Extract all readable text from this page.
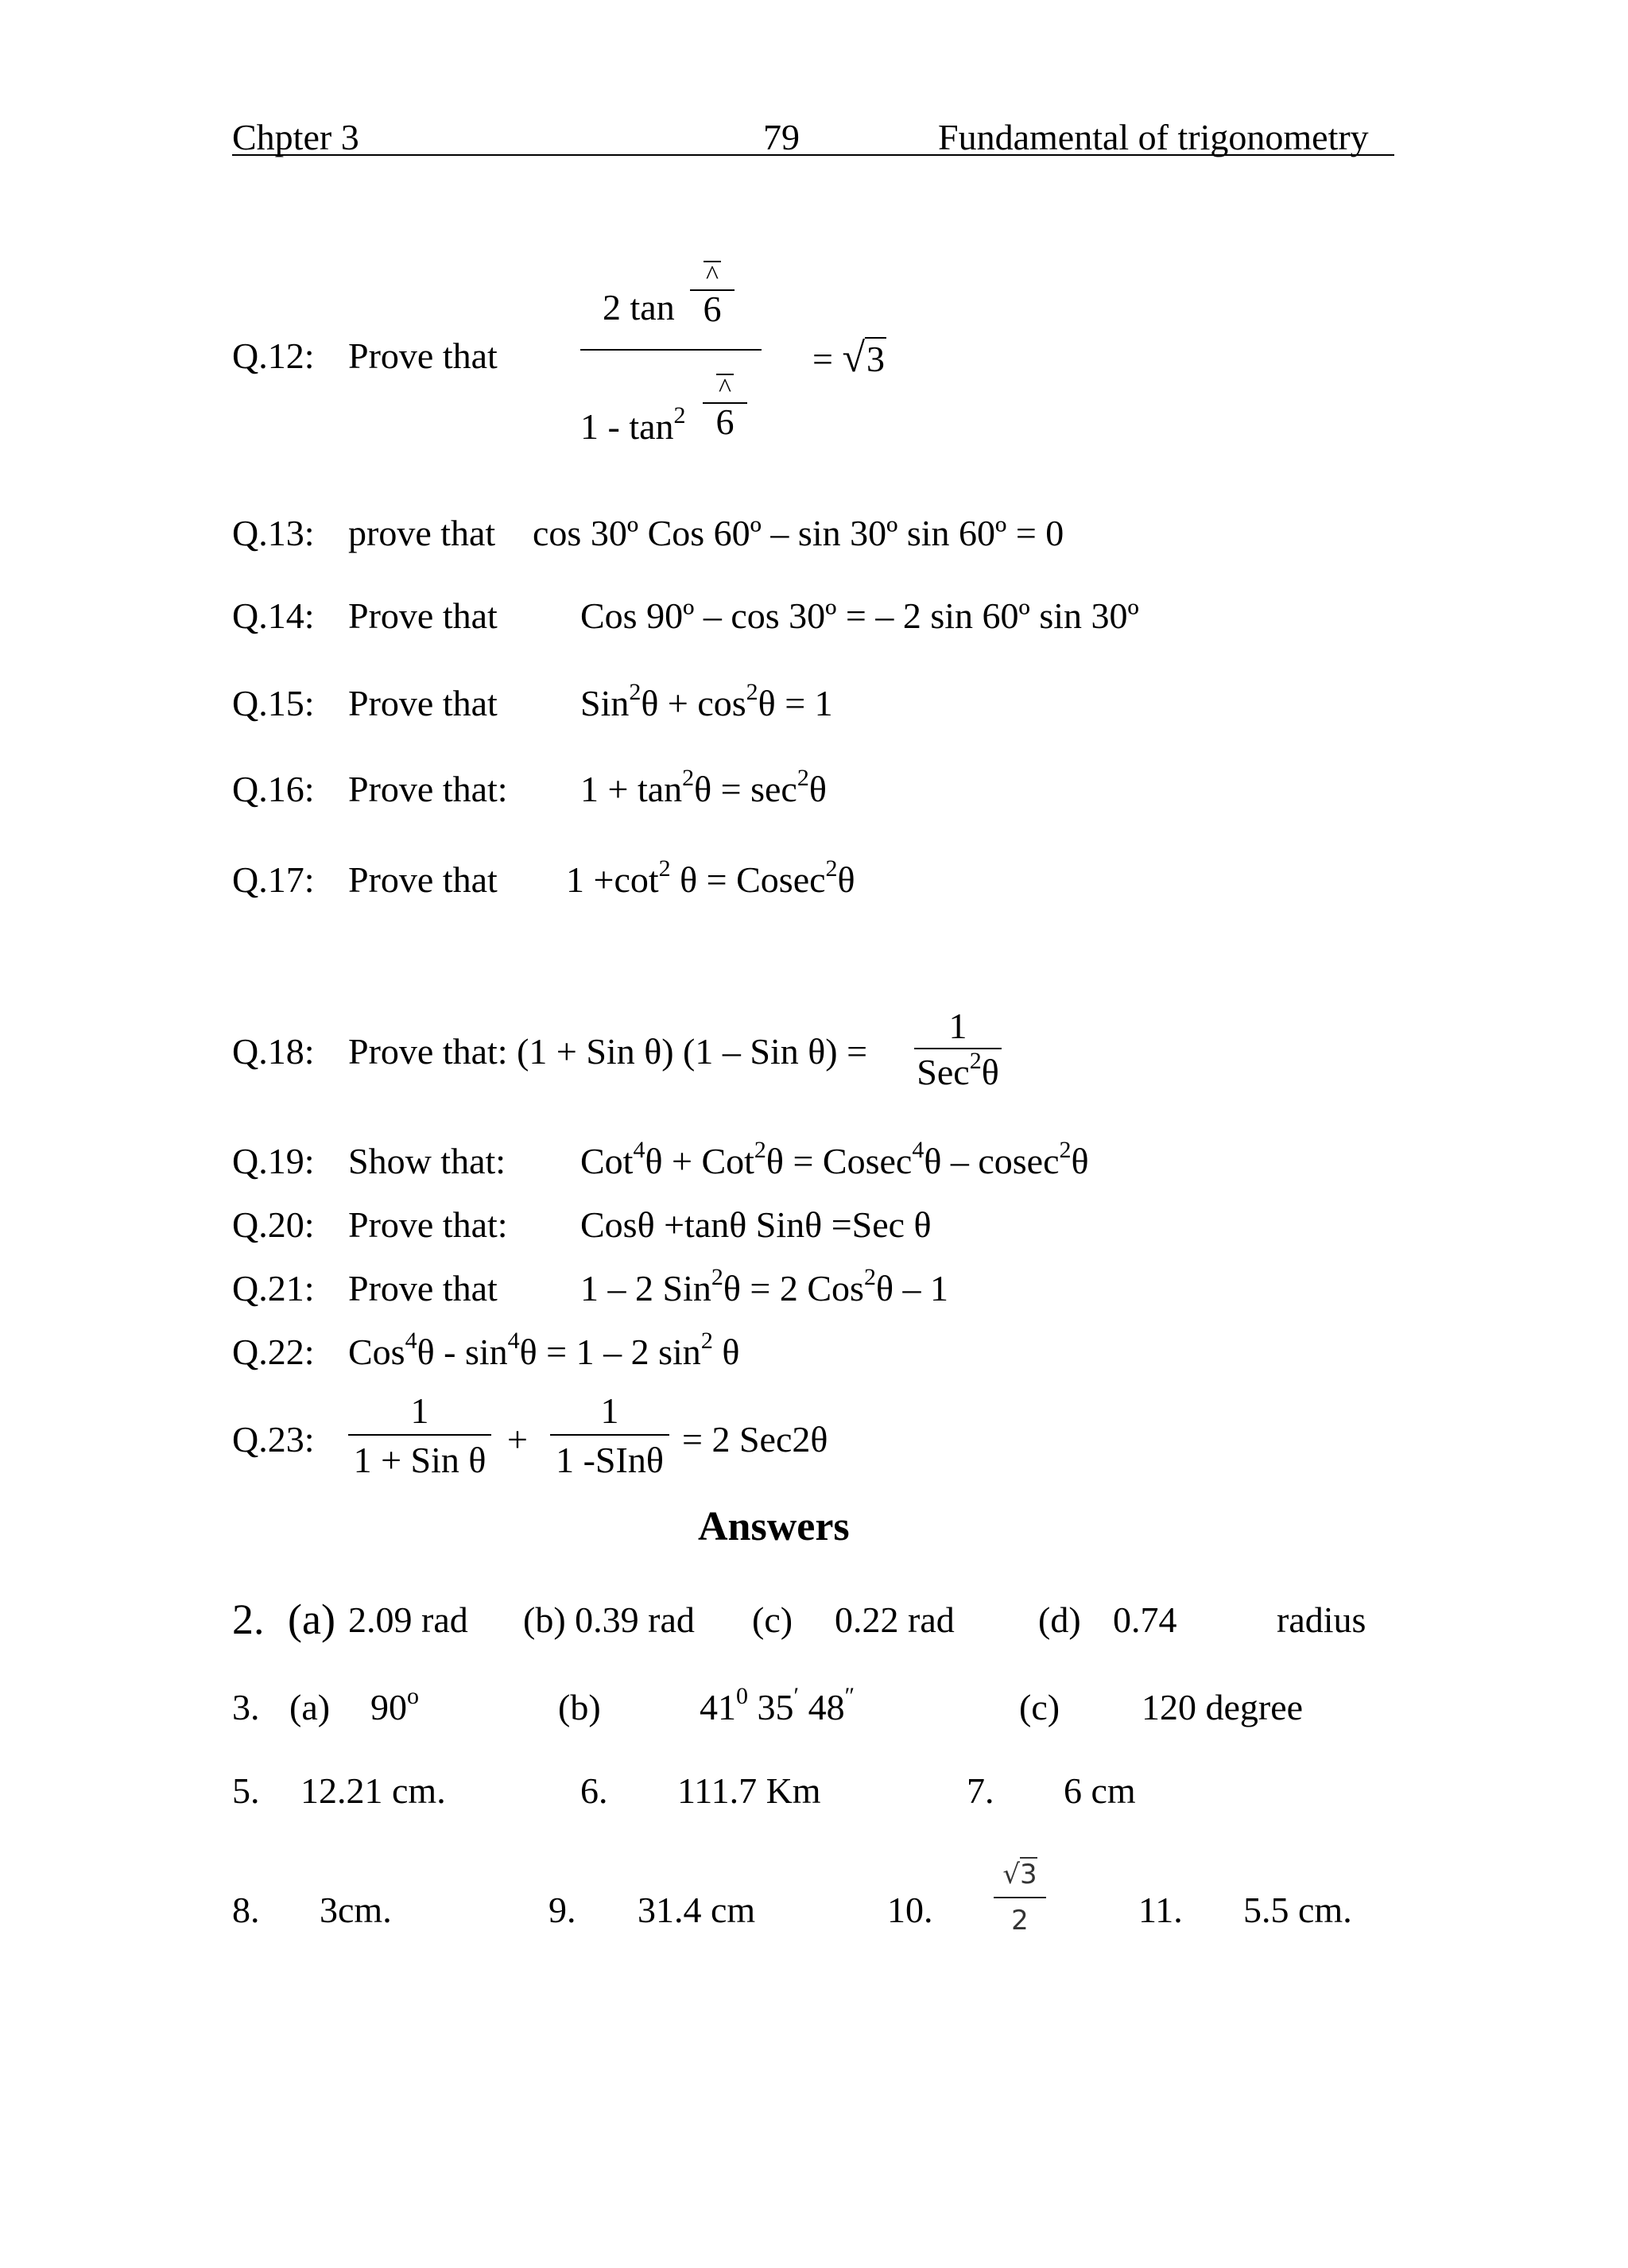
Chpter 3	79	Fundamental of trigonometry
Q.12: Prove that
2 tan
^
6
$1 - \tan^2$
^
6
= √3
Q.13: prove that cos 30º Cos 60º – sin 30º sin 60º = 0
Q.14: Prove that Cos 90º – cos 30º = – 2 sin 60º sin 30º
Q.15: Prove that $Sin^2\theta + \cos^2\theta = 1$
Q.16: Prove that: $1 + \tan^2\theta = \sec^2\theta$
Q.17: Prove that $1 +\cot^2$ θ = Cosec$^2$θ
Q.18: Prove that: (1 + Sin θ) (1 – Sin θ) =
1
Sec$^2$θ
Q.19: Show that: Cot$^4$θ + Cot$^2$θ = Cosec$^4$θ – cosec$^2$θ
Q.20: Prove that: Cosθ +tanθ Sinθ =Sec θ
Q.21: Prove that 1 – 2 Sin$^2$θ = 2 Cos$^2$θ – 1
Q.22: $Cos^4\theta - \sin^4\theta = 1 - 2$ $\sin^2 \theta$
Q.23:
1
1 + Sin θ
+
1
1 -SInθ
= 2 Sec2θ
Answers
2. (a) 2.09 rad (b) 0.39 rad (c) 0.22 rad (d) 0.74	radius
3. (a) 90$^o$	(b)	$41^0$ 35′ 48″	(c) 120 degree
5. 12.21 cm.	6. 111.7 Km	7. 6 cm
8. 3cm.	9. 31.4 cm	10.
√3
2	11. 5.5 cm.
